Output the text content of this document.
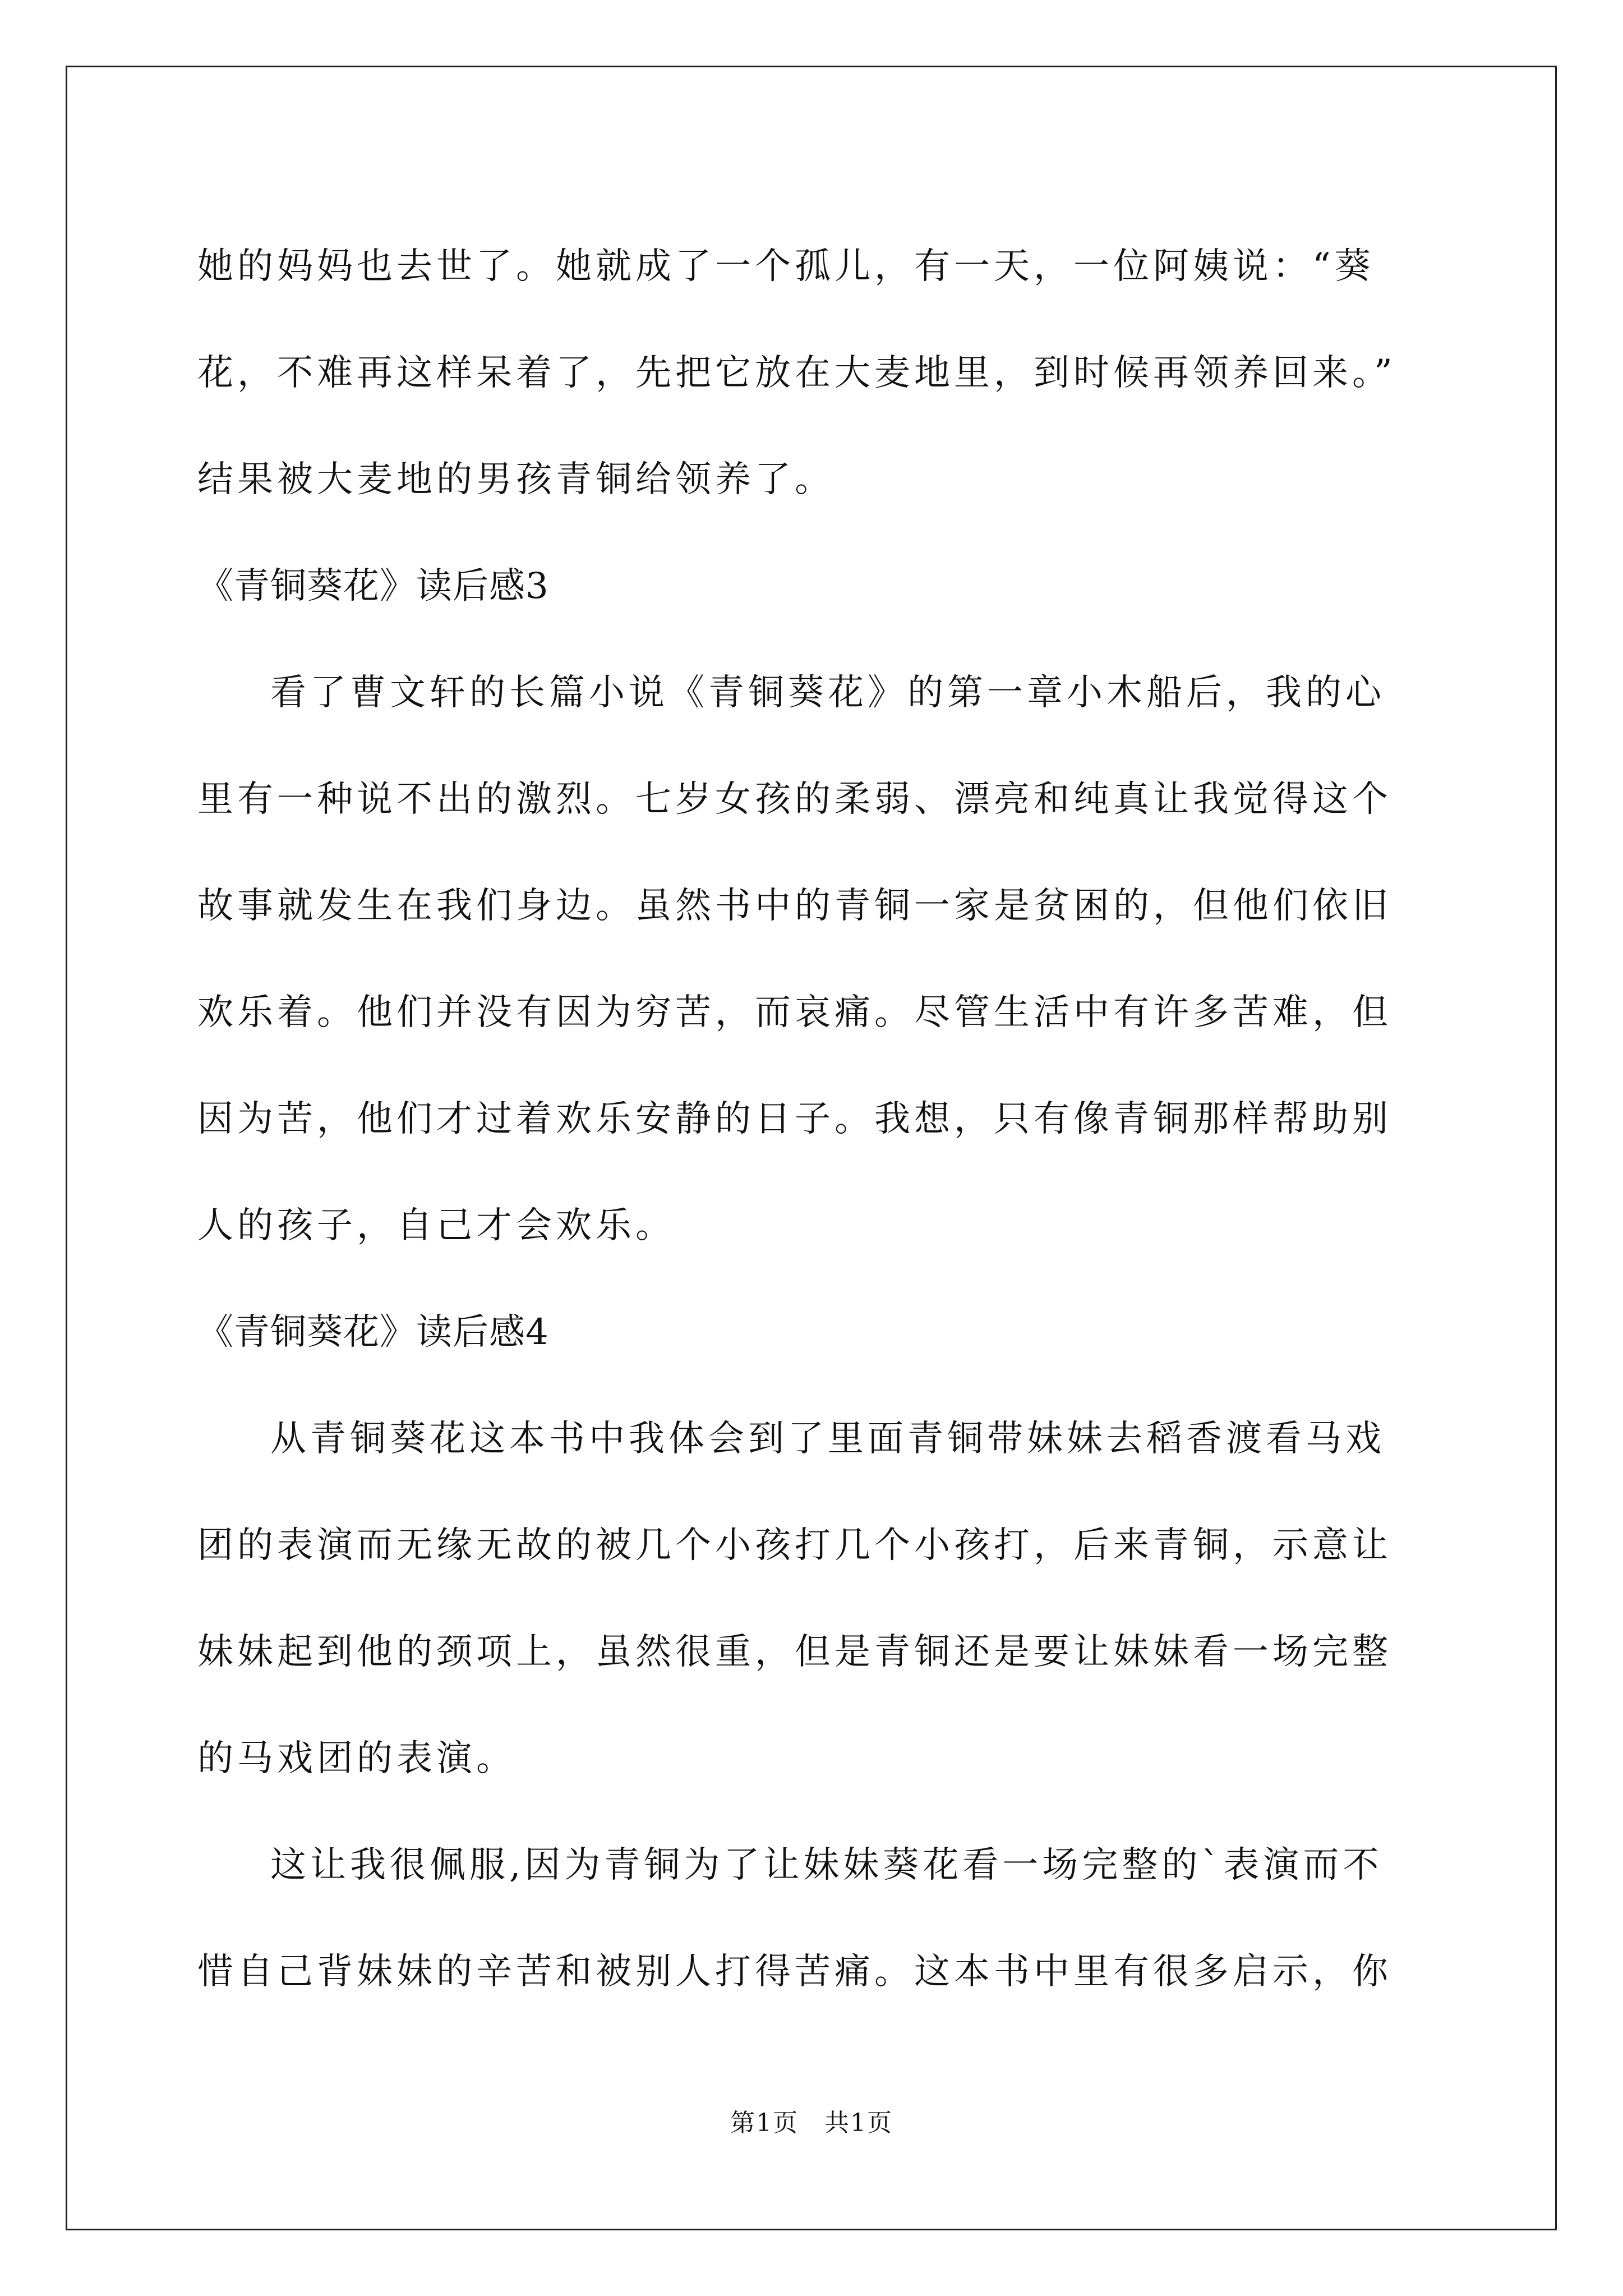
她的妈妈也去世了。她就成了一个孤儿，有一天，一位阿姨说：“葵
花，不难再这样呆着了，先把它放在大麦地里，到时候再领养回来。”
结果被大麦地的男孩青铜给领养了。
《青铜葵花》读后感3
看了曹文轩的长篇小说《青铜葵花》的第一章小木船后，我的心
里有一种说不出的激烈。七岁女孩的柔弱、漂亮和纯真让我觉得这个
故事就发生在我们身边。虽然书中的青铜一家是贫困的，但他们依旧
欢乐着。他们并没有因为穷苦，而哀痛。尽管生活中有许多苦难，但
因为苦，他们才过着欢乐安静的日子。我想，只有像青铜那样帮助别
人的孩子，自己才会欢乐。
《青铜葵花》读后感4
从青铜葵花这本书中我体会到了里面青铜带妹妹去稻香渡看马戏
团的表演而无缘无故的被几个小孩打几个小孩打，后来青铜，示意让
妹妹起到他的颈项上，虽然很重，但是青铜还是要让妹妹看一场完整
的马戏团的表演。
这让我很佩服,因为青铜为了让妹妹葵花看一场完整的`表演而不
惜自己背妹妹的辛苦和被别人打得苦痛。这本书中里有很多启示，你
第1页　共1页
